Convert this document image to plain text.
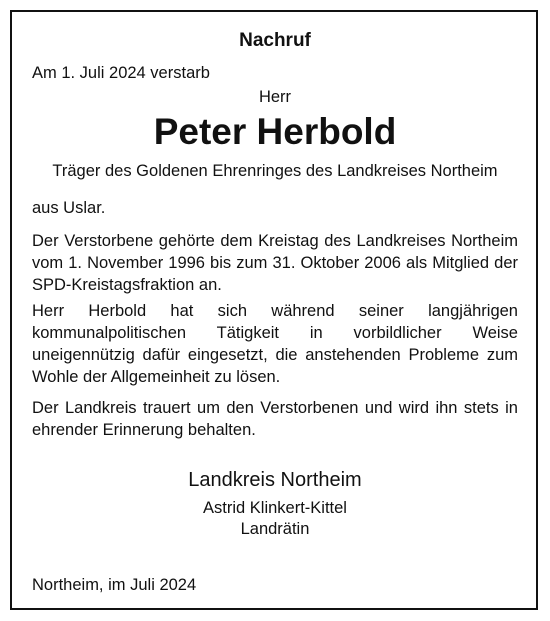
Nachruf
Am 1. Juli 2024 verstarb
Herr
Peter Herbold
Träger des Goldenen Ehrenringes des Landkreises Northeim
aus Uslar.
Der Verstorbene gehörte dem Kreistag des Landkreises Northeim vom 1. November 1996 bis zum 31. Oktober 2006 als Mitglied der SPD-Kreistagsfraktion an.
Herr Herbold hat sich während seiner langjährigen kommunalpolitischen Tätigkeit in vorbildlicher Weise uneigennützig dafür eingesetzt, die anstehenden Probleme zum Wohle der Allgemeinheit zu lösen.
Der Landkreis trauert um den Verstorbenen und wird ihn stets in ehrender Erinnerung behalten.
Landkreis Northeim
Astrid Klinkert-Kittel
Landrätin
Northeim, im Juli 2024
